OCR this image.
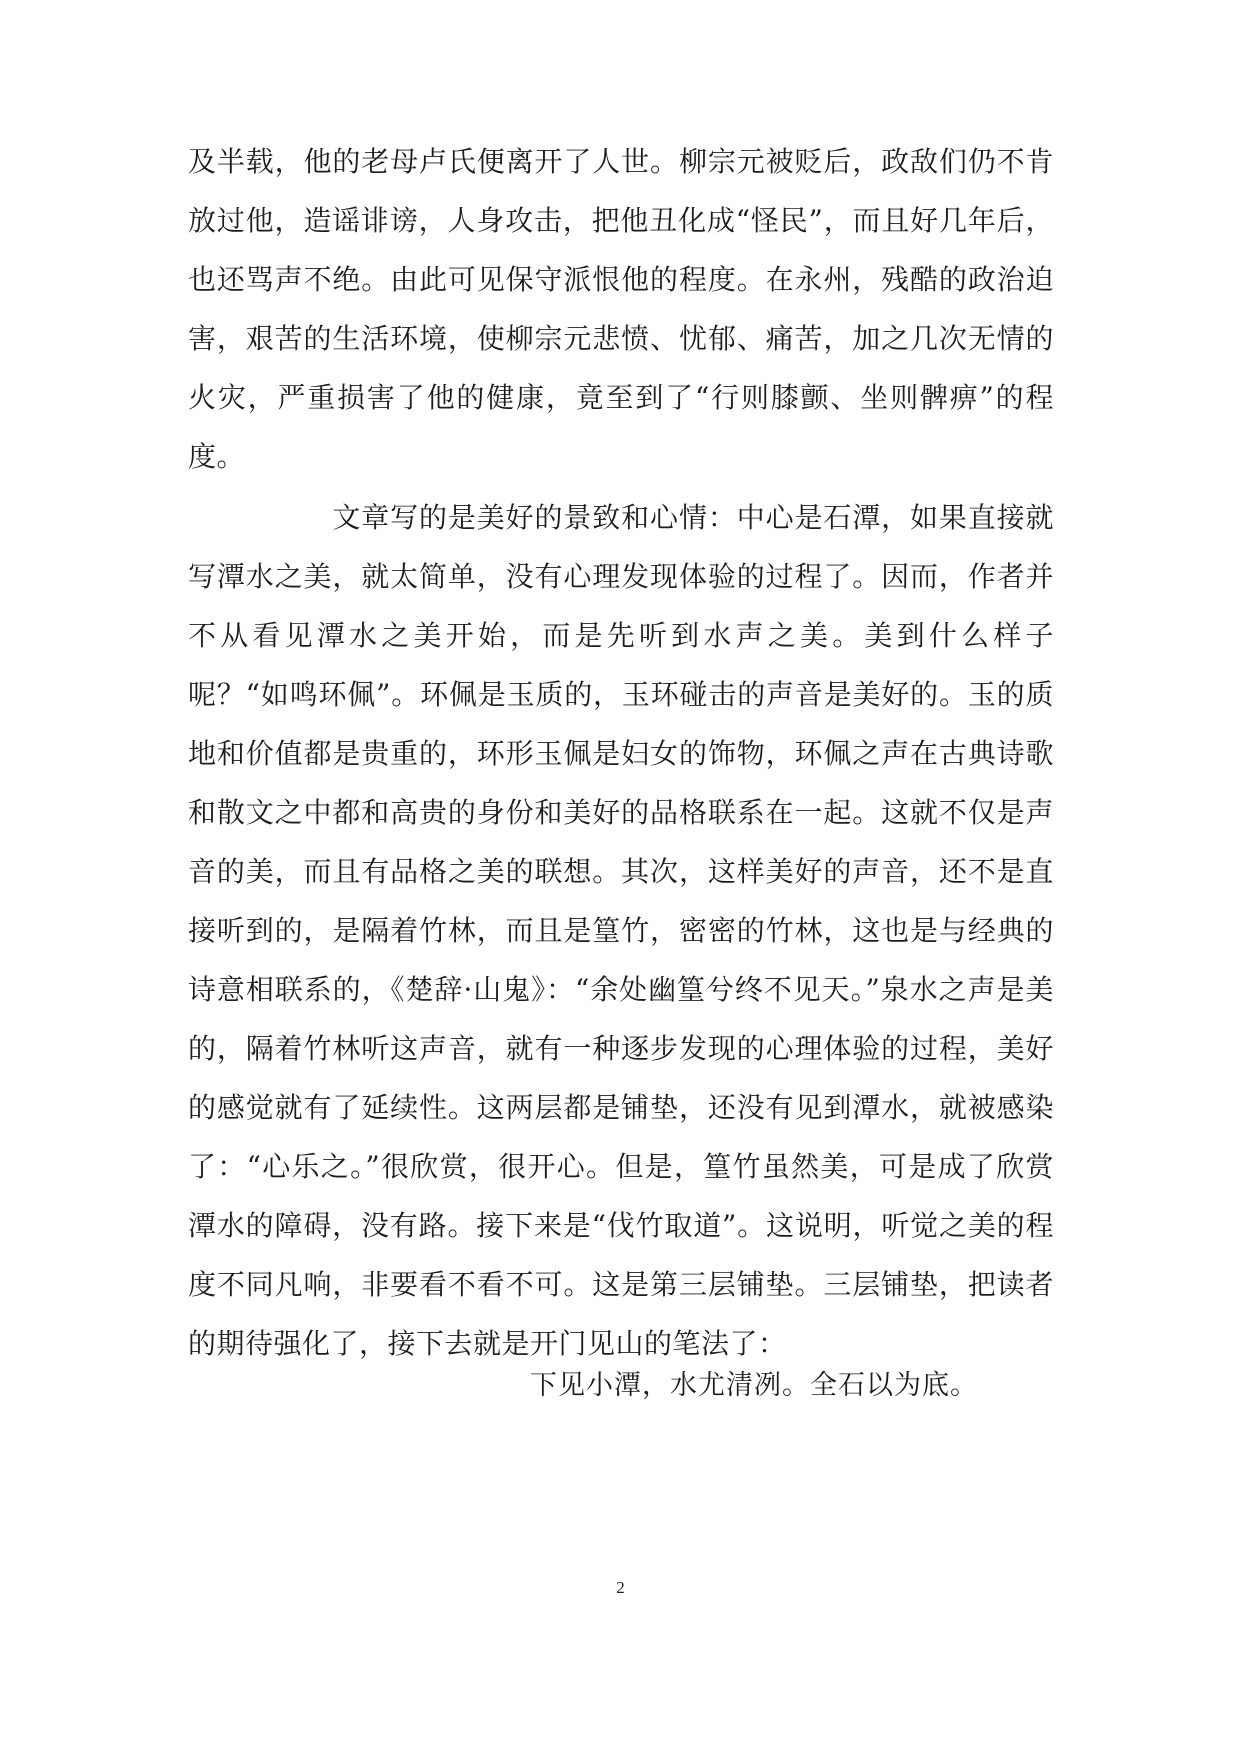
及半载，他的老母卢氏便离开了人世。柳宗元被贬后，政敌们仍不肯放过他，造谣诽谤，人身攻击，把他丑化成“怪民”，而且好几年后，也还骂声不绝。由此可见保守派恨他的程度。在永州，残酷的政治迫害，艰苦的生活环境，使柳宗元悲愤、忧郁、痛苦，加之几次无情的火灾，严重损害了他的健康，竟至到了“行则膝颤、坐则髀痹”的程度。

　　　　　文章写的是美好的景致和心情：中心是石潭，如果直接就写潭水之美，就太简单，没有心理发现体验的过程了。因而，作者并不从看见潭水之美开始，而是先听到水声之美。美到什么样子呢？“如鸣环佩”。环佩是玉质的，玉环碰击的声音是美好的。玉的质地和价值都是贵重的，环形玉佩是妇女的饰物，环佩之声在古典诗歌和散文之中都和高贵的身份和美好的品格联系在一起。这就不仅是声音的美，而且有品格之美的联想。其次，这样美好的声音，还不是直接听到的，是隔着竹林，而且是篁竹，密密的竹林，这也是与经典的诗意相联系的，《楚辞·山鬼》：“余处幽篁兮终不见天。”泉水之声是美的，隔着竹林听这声音，就有一种逐步发现的心理体验的过程，美好的感觉就有了延续性。这两层都是铺垫，还没有见到潭水，就被感染了：“心乐之。”很欣赏，很开心。但是，篁竹虽然美，可是成了欣赏潭水的障碍，没有路。接下来是“伐竹取道”。这说明，听觉之美的程度不同凡响，非要看不看不可。这是第三层铺垫。三层铺垫，把读者的期待强化了，接下去就是开门见山的笔法了：

下见小潭，水尤清冽。全石以为底。
2
